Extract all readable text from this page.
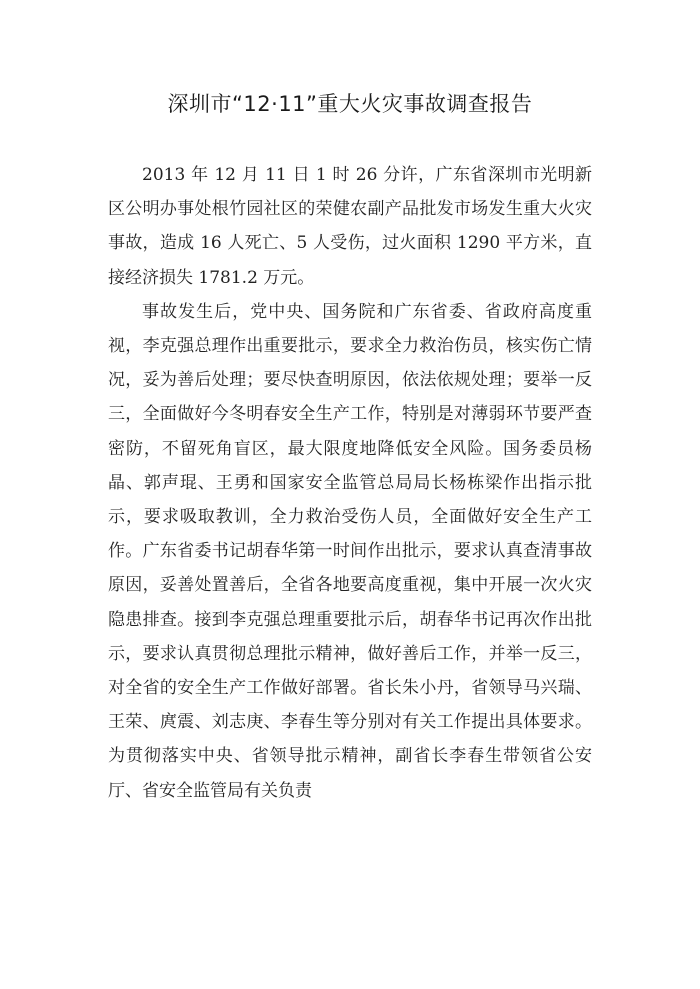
深圳市“12·11”重大火灾事故调查报告

2013 年 12 月 11 日 1 时 26 分许，广东省深圳市光明新区公明办事处根竹园社区的荣健农副产品批发市场发生重大火灾事故，造成 16 人死亡、5 人受伤，过火面积 1290 平方米，直接经济损失 1781.2 万元。

事故发生后，党中央、国务院和广东省委、省政府高度重视，李克强总理作出重要批示，要求全力救治伤员，核实伤亡情况，妥为善后处理；要尽快查明原因，依法依规处理；要举一反三，全面做好今冬明春安全生产工作，特别是对薄弱环节要严查密防，不留死角盲区，最大限度地降低安全风险。国务委员杨晶、郭声琨、王勇和国家安全监管总局局长杨栋梁作出指示批示，要求吸取教训，全力救治受伤人员，全面做好安全生产工作。广东省委书记胡春华第一时间作出批示，要求认真查清事故原因，妥善处置善后，全省各地要高度重视，集中开展一次火灾隐患排查。接到李克强总理重要批示后，胡春华书记再次作出批示，要求认真贯彻总理批示精神，做好善后工作，并举一反三，对全省的安全生产工作做好部署。省长朱小丹，省领导马兴瑞、王荣、庹震、刘志庚、李春生等分别对有关工作提出具体要求。为贯彻落实中央、省领导批示精神，副省长李春生带领省公安厅、省安全监管局有关负责
